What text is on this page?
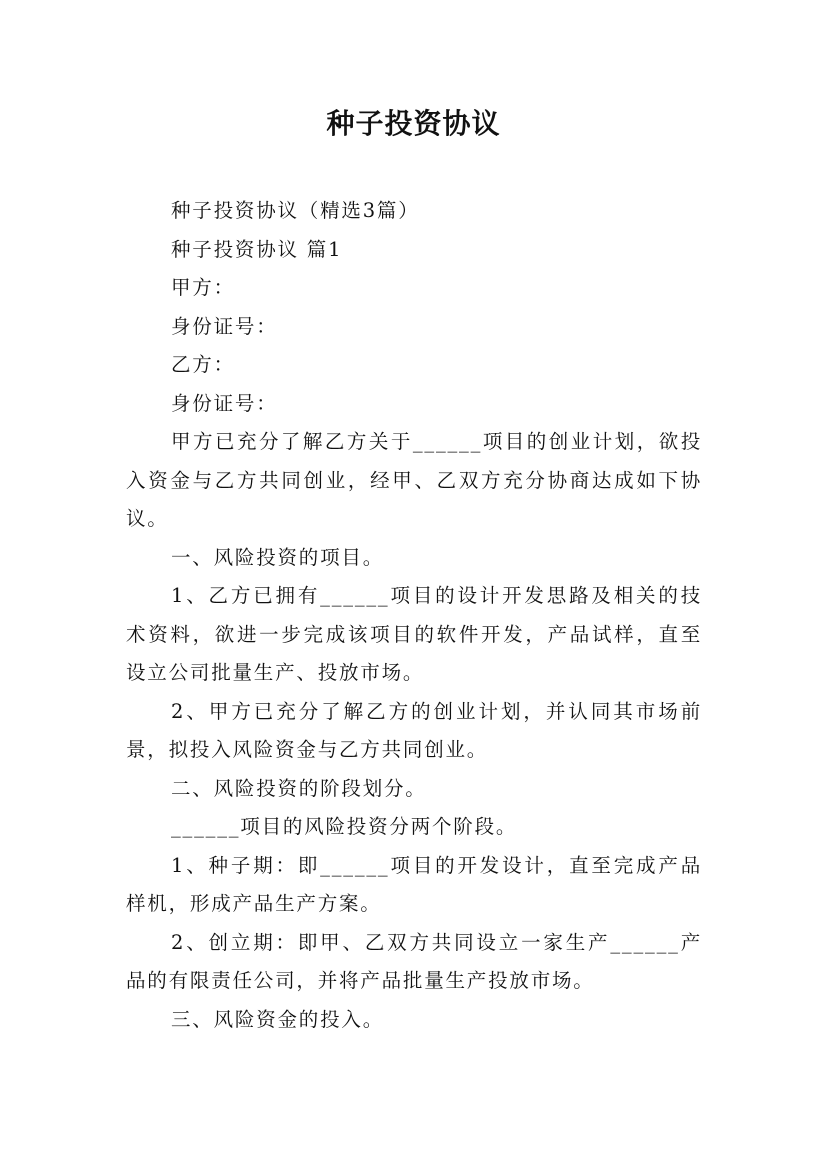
种子投资协议

种子投资协议（精选3篇）

种子投资协议 篇1

甲方：

身份证号：

乙方：

身份证号：

甲方已充分了解乙方关于______项目的创业计划，欲投

入资金与乙方共同创业，经甲、乙双方充分协商达成如下协

议。

一、风险投资的项目。

1、乙方已拥有______项目的设计开发思路及相关的技

术资料，欲进一步完成该项目的软件开发，产品试样，直至

设立公司批量生产、投放市场。

2、甲方已充分了解乙方的创业计划，并认同其市场前

景，拟投入风险资金与乙方共同创业。

二、风险投资的阶段划分。

______项目的风险投资分两个阶段。

1、种子期：即______项目的开发设计，直至完成产品

样机，形成产品生产方案。

2、创立期：即甲、乙双方共同设立一家生产______产

品的有限责任公司，并将产品批量生产投放市场。

三、风险资金的投入。
